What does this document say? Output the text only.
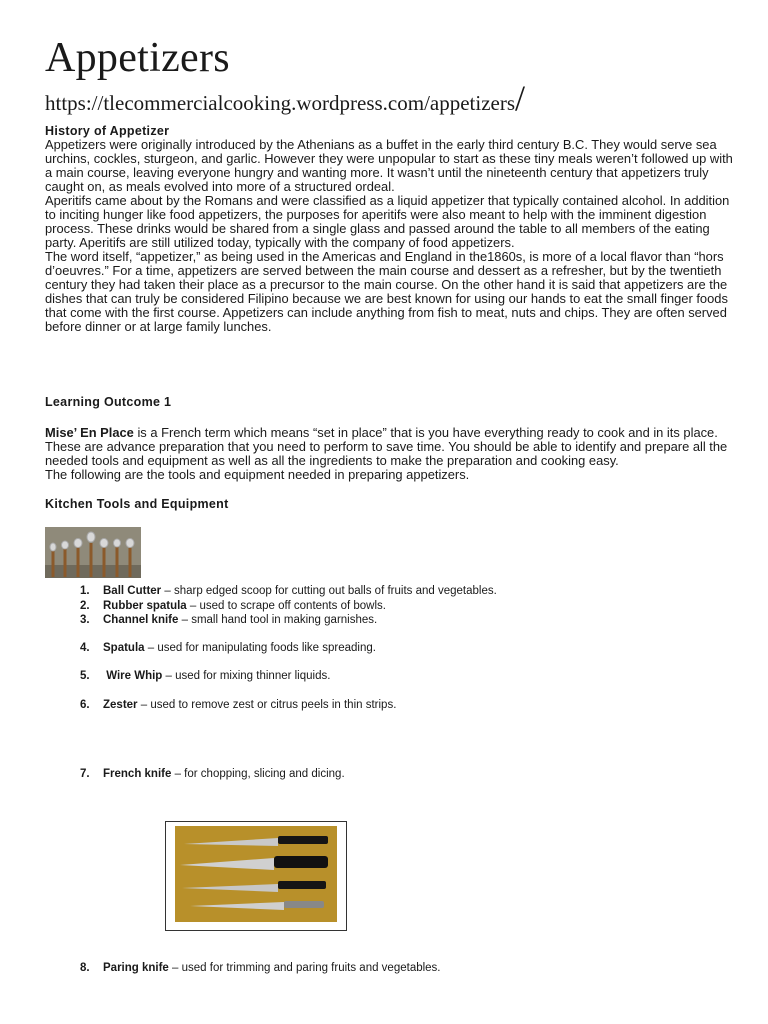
Appetizers
https://tlecommercialcooking.wordpress.com/appetizers/
History of Appetizer

Appetizers were originally introduced by the Athenians as a buffet in the early third century B.C. They would serve sea urchins, cockles, sturgeon, and garlic. However they were unpopular to start as these tiny meals weren’t followed up with a main course, leaving everyone hungry and wanting more. It wasn’t until the nineteenth century that appetizers truly caught on, as meals evolved into more of a structured ordeal.

Aperitifs came about by the Romans and were classified as a liquid appetizer that typically contained alcohol. In addition to inciting hunger like food appetizers, the purposes for aperitifs were also meant to help with the imminent digestion process. These drinks would be shared from a single glass and passed around the table to all members of the eating party. Aperitifs are still utilized today, typically with the company of food appetizers.

The word itself, “appetizer,” as being used in the Americas and England in the1860s, is more of a local flavor than “hors d’oeuvres.” For a time, appetizers are served between the main course and dessert as a refresher, but by the twentieth century they had taken their place as a precursor to the main course. On the other hand it is said that appetizers are the dishes that can truly be considered Filipino because we are best known for using our hands to eat the small finger foods that come with the first course. Appetizers can include anything from fish to meat, nuts and chips. They are often served before dinner or at large family lunches.

Learning Outcome 1

Mise’ En Place is a French term which means “set in place” that is you have everything ready to cook and in its place. These are advance preparation that you need to perform to save time. You should be able to identify and prepare all the needed tools and equipment as well as all the ingredients to make the preparation and cooking easy.

The following are the tools and equipment needed in preparing appetizers.

Kitchen Tools and Equipment
1. Ball Cutter – sharp edged scoop for cutting out balls of fruits and vegetables.
2. Rubber spatula – used to scrape off contents of bowls.
3. Channel knife – small hand tool in making garnishes.
4. Spatula – used for manipulating foods like spreading.
5. Wire Whip – used for mixing thinner liquids.
6. Zester – used to remove zest or citrus peels in thin strips.
7. French knife – for chopping, slicing and dicing.
8. Paring knife – used for trimming and paring fruits and vegetables.
